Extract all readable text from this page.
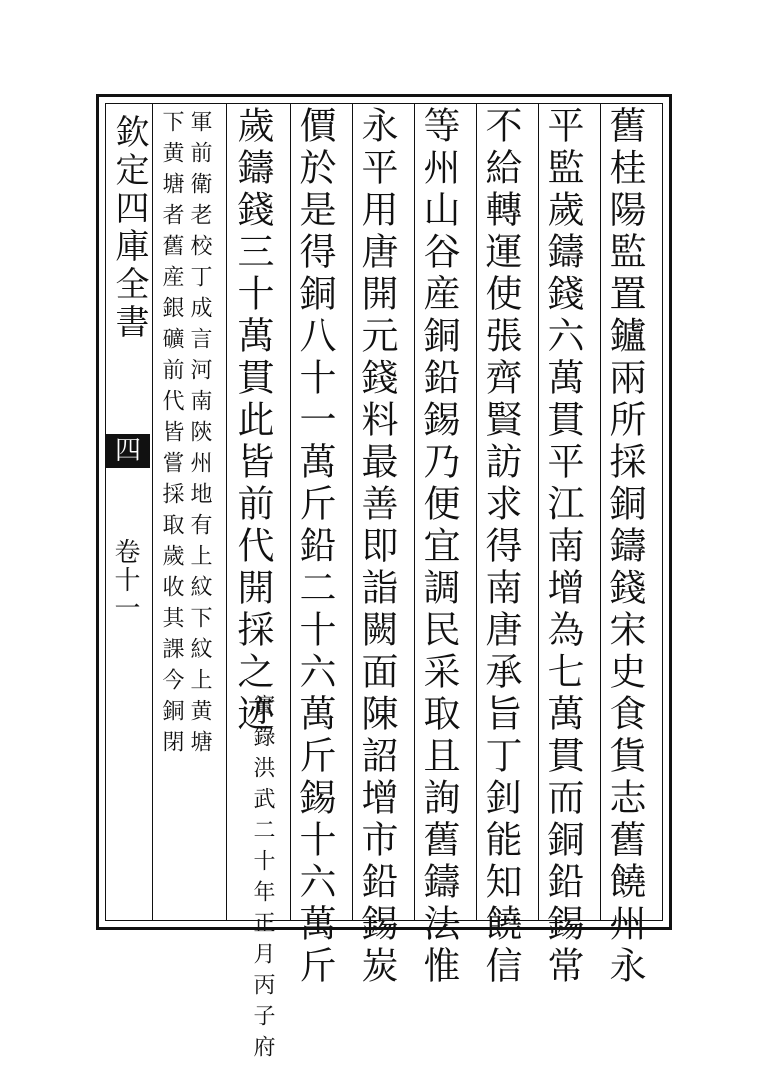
欽定四庫全書
四
卷十一	舊桂陽監置鑪兩所採銅鑄錢宋史食貨志舊饒州永
平監歲鑄錢六萬貫平江南增為七萬貫而銅鉛錫常
不給轉運使張齊賢訪求得南唐承旨丁釗能知饒信
等州山谷産銅鉛錫乃便宜調民采取且詢舊鑄法惟
永平用唐開元錢料最善即詣闕面陳詔增市鉛錫炭
價於是得銅八十一萬斤鉛二十六萬斤錫十六萬斤
歲鑄錢三十萬貫此皆前代開採之迹
實錄洪武二十年正月丙子府
軍前衛老校丁成言河南陝州地有上紋下紋上黄塘
下黄塘者舊産銀礦前代皆嘗採取歲收其課今銅閉
